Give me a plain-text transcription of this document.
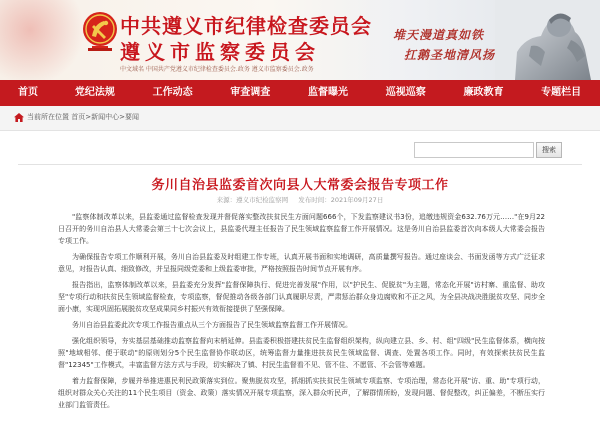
中共遵义市纪律检查委员会
遵义市监察委员会
中文域名 中国共产党遵义市纪律检查委员会.政务 遵义市监察委员会.政务
堆天漫道真如铁
扛鹅圣地清风扬
首页	党纪法规	工作动态	审查调查	监督曝光	巡视巡察	廉政教育	专题栏目
当前所在位置 首页>新闻中心>要闻
搜索
务川自治县监委首次向县人大常委会报告专项工作
来源：遵义市纪检监察网 发布时间：2021年09月27日

"监察体制改革以来，县监委通过监督检查发现并督促落实整改扶贫民生方面问题666个，下发监察建议书3份，追缴违规资金632.76万元……"在9月22日召开的务川自治县人大常委会第三十七次会议上，县监委代理主任报告了民生领域监察监督工作开展情况。这是务川自治县监委首次向本级人大常委会报告专项工作。

为确保报告专项工作顺利开展，务川自治县监委及时组建工作专班，认真开展书面和实地调研，高质量撰写报告。通过座谈会、书面发函等方式广泛征求意见，对报告认真、细致修改，并呈报同级党委和上级监委审批，严格按照报告时间节点开展有序。

报告指出，监察体制改革以来，县监委充分发挥"监督保障执行、促进完善发展"作用，以"护民生、促脱贫"为主题，常态化开展"访村寨、重监督、助攻坚"专项行动和扶贫民生领域监督检查，专项监察，督促推动各级各部门认真履职尽责，严肃惩治群众身边腐败和不正之风，为全县决战决胜脱贫攻坚、同步全面小康，实现巩固拓展脱贫攻坚成果同乡村振兴有效衔接提供了坚强保障。

务川自治县监委此次专项工作报告重点从三个方面报告了民生领域监察监督工作开展情况。

强化组织领导，夯实基层基础推动监察监督向末梢延伸。县监委积极搭建扶贫民生监督组织架构，纵向建立县、乡、村、组"四级"民生监督体系，横向按照"地域相邻、便于联动"的原则划分5个民生监督协作联动区，统筹监督力量推进扶贫民生领域监督、调查、处置各项工作。同时，有效探索扶贫民生监督"12345"工作模式，丰富监督方法方式与手段，切实解决了镇、村民生监督看不见、管不住、不愿管、不会管等难题。

着力监督保障，步履并举推进惠民利民政策落实到位。聚焦脱贫攻坚，抓细抓实扶贫民生领域专项监察、专项治理，常态化开展"访、重、助"专项行动，组织对群众关心关注的11个民生项目（资金、政策）落实情况开展专项监察，深入群众听民声，了解群情所盼，发现问题、督促整改，纠正偏差，不断压实行业部门监管责任。
